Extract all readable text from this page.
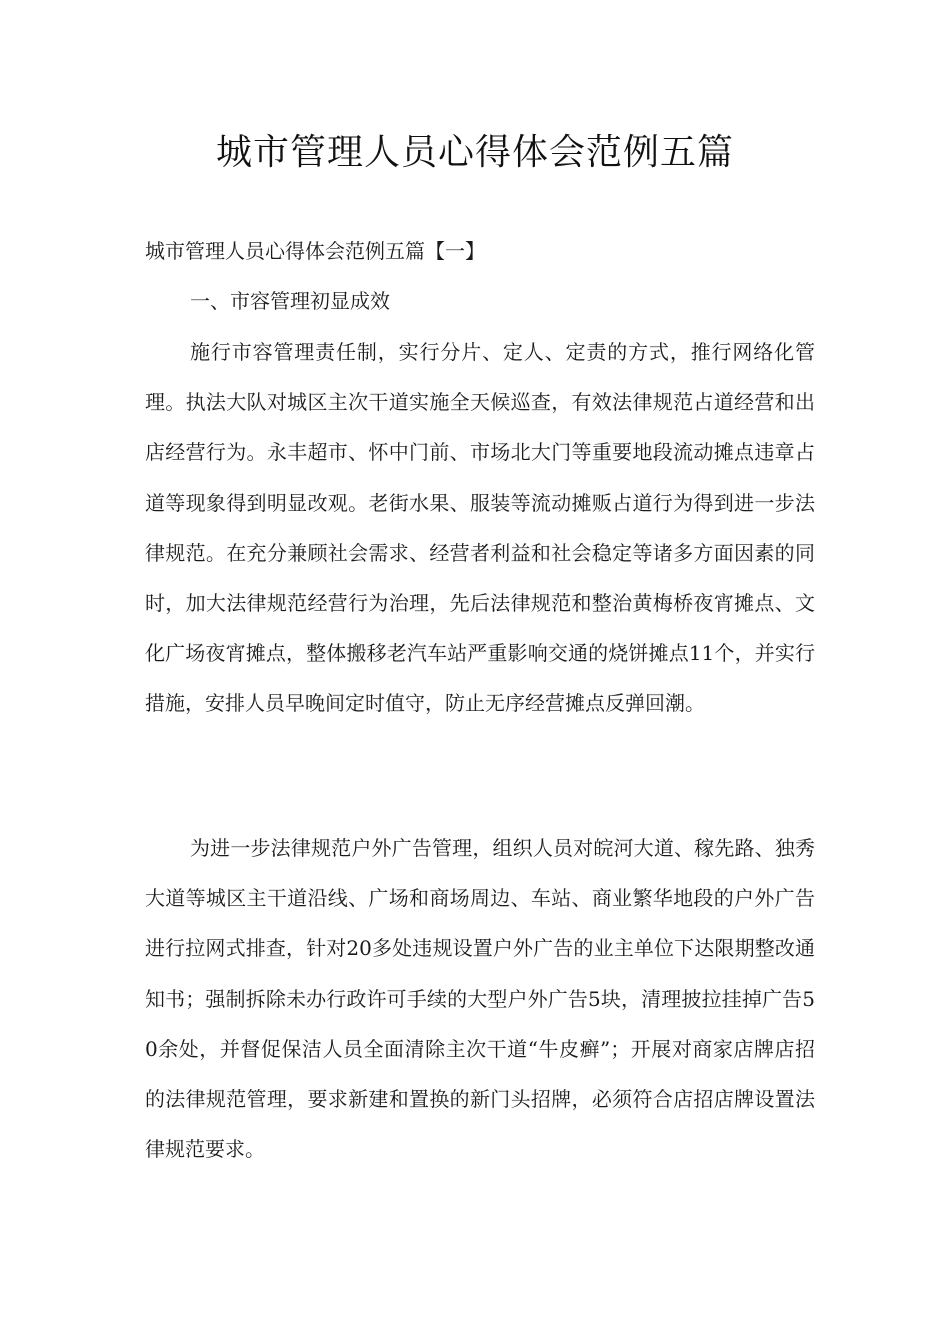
城市管理人员心得体会范例五篇
城市管理人员心得体会范例五篇【一】
一、市容管理初显成效

施行市容管理责任制，实行分片、定人、定责的方式，推行网络化管理。执法大队对城区主次干道实施全天候巡查，有效法律规范占道经营和出店经营行为。永丰超市、怀中门前、市场北大门等重要地段流动摊点违章占道等现象得到明显改观。老街水果、服装等流动摊贩占道行为得到进一步法律规范。在充分兼顾社会需求、经营者利益和社会稳定等诸多方面因素的同时，加大法律规范经营行为治理，先后法律规范和整治黄梅桥夜宵摊点、文化广场夜宵摊点，整体搬移老汽车站严重影响交通的烧饼摊点11个，并实行措施，安排人员早晚间定时值守，防止无序经营摊点反弹回潮。

为进一步法律规范户外广告管理，组织人员对皖河大道、稼先路、独秀大道等城区主干道沿线、广场和商场周边、车站、商业繁华地段的户外广告进行拉网式排查，针对20多处违规设置户外广告的业主单位下达限期整改通知书；强制拆除未办行政许可手续的大型户外广告5块，清理披拉挂掉广告50余处，并督促保洁人员全面清除主次干道“牛皮癣”；开展对商家店牌店招的法律规范管理，要求新建和置换的新门头招牌，必须符合店招店牌设置法律规范要求。
